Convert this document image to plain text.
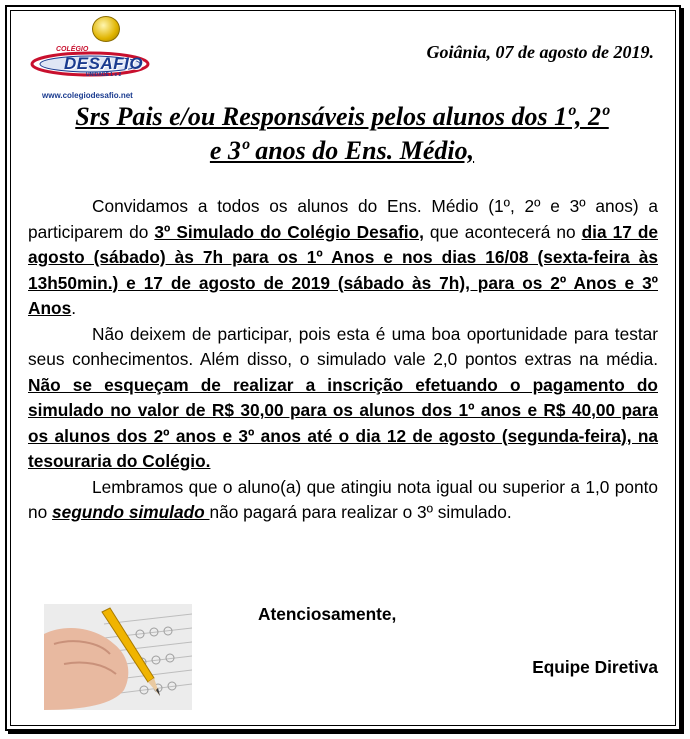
COLÉGIO
DESAFIO
UNIDADE 1 e 2
www.colegiodesafio.net
Goiânia, 07 de agosto de 2019.
Srs Pais e/ou Responsáveis pelos alunos dos 1º, 2º
e 3º anos do Ens. Médio,

Convidamos a todos os alunos do Ens. Médio (1º, 2º e 3º anos) a participarem do 3º Simulado do Colégio Desafio, que acontecerá no dia 17 de agosto (sábado) às 7h para os 1º Anos e nos dias 16/08 (sexta-feira às 13h50min.) e 17 de agosto de 2019 (sábado às 7h), para os 2º Anos e 3º Anos.

Não deixem de participar, pois esta é uma boa oportunidade para testar seus conhecimentos. Além disso, o simulado vale 2,0 pontos extras na média. Não se esqueçam de realizar a inscrição efetuando o pagamento do simulado no valor de R$ 30,00 para os alunos dos 1º anos e R$ 40,00 para os alunos dos 2º anos e 3º anos até o dia 12 de agosto (segunda-feira), na tesouraria do Colégio.

Lembramos que o aluno(a) que atingiu nota igual ou superior a 1,0 ponto no segundo simulado não pagará para realizar o 3º simulado.

Atenciosamente,
Equipe Diretiva
